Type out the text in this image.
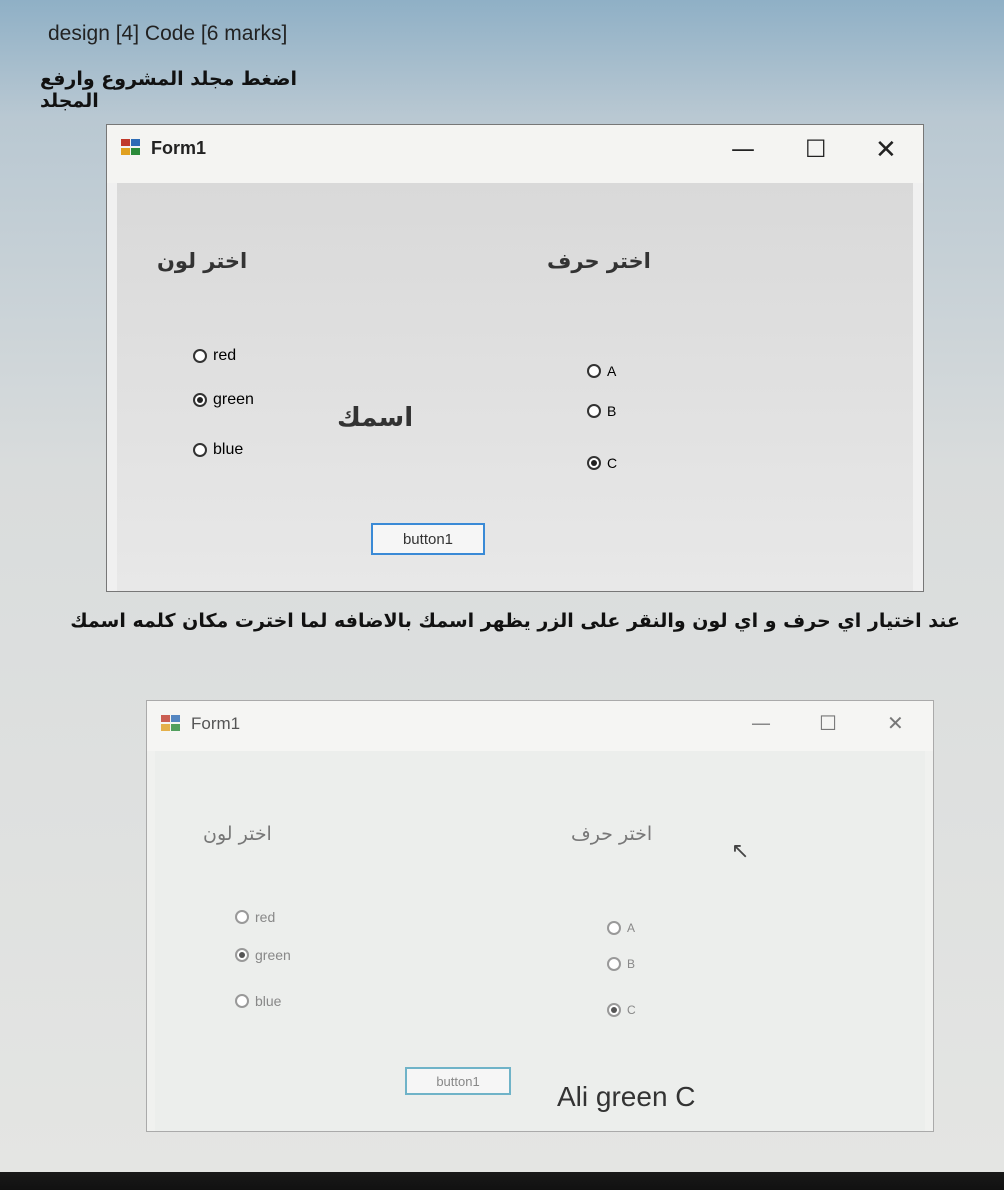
design [4] Code [6 marks]
اضغط مجلد المشروع وارفع المجلد
Form1	— ☐ ✕
اختر لون	اختر حرف
red
green
blue
اسمك
A
B
C
button1
عند اختيار اي حرف و اي لون والنقر على الزر يظهر اسمك بالاضافه لما اخترت مكان كلمه اسمك
Form1	— ☐	✕
اختر لون	اختر حرف
↖
red
green
blue
A
B
C
button1	Ali green C
